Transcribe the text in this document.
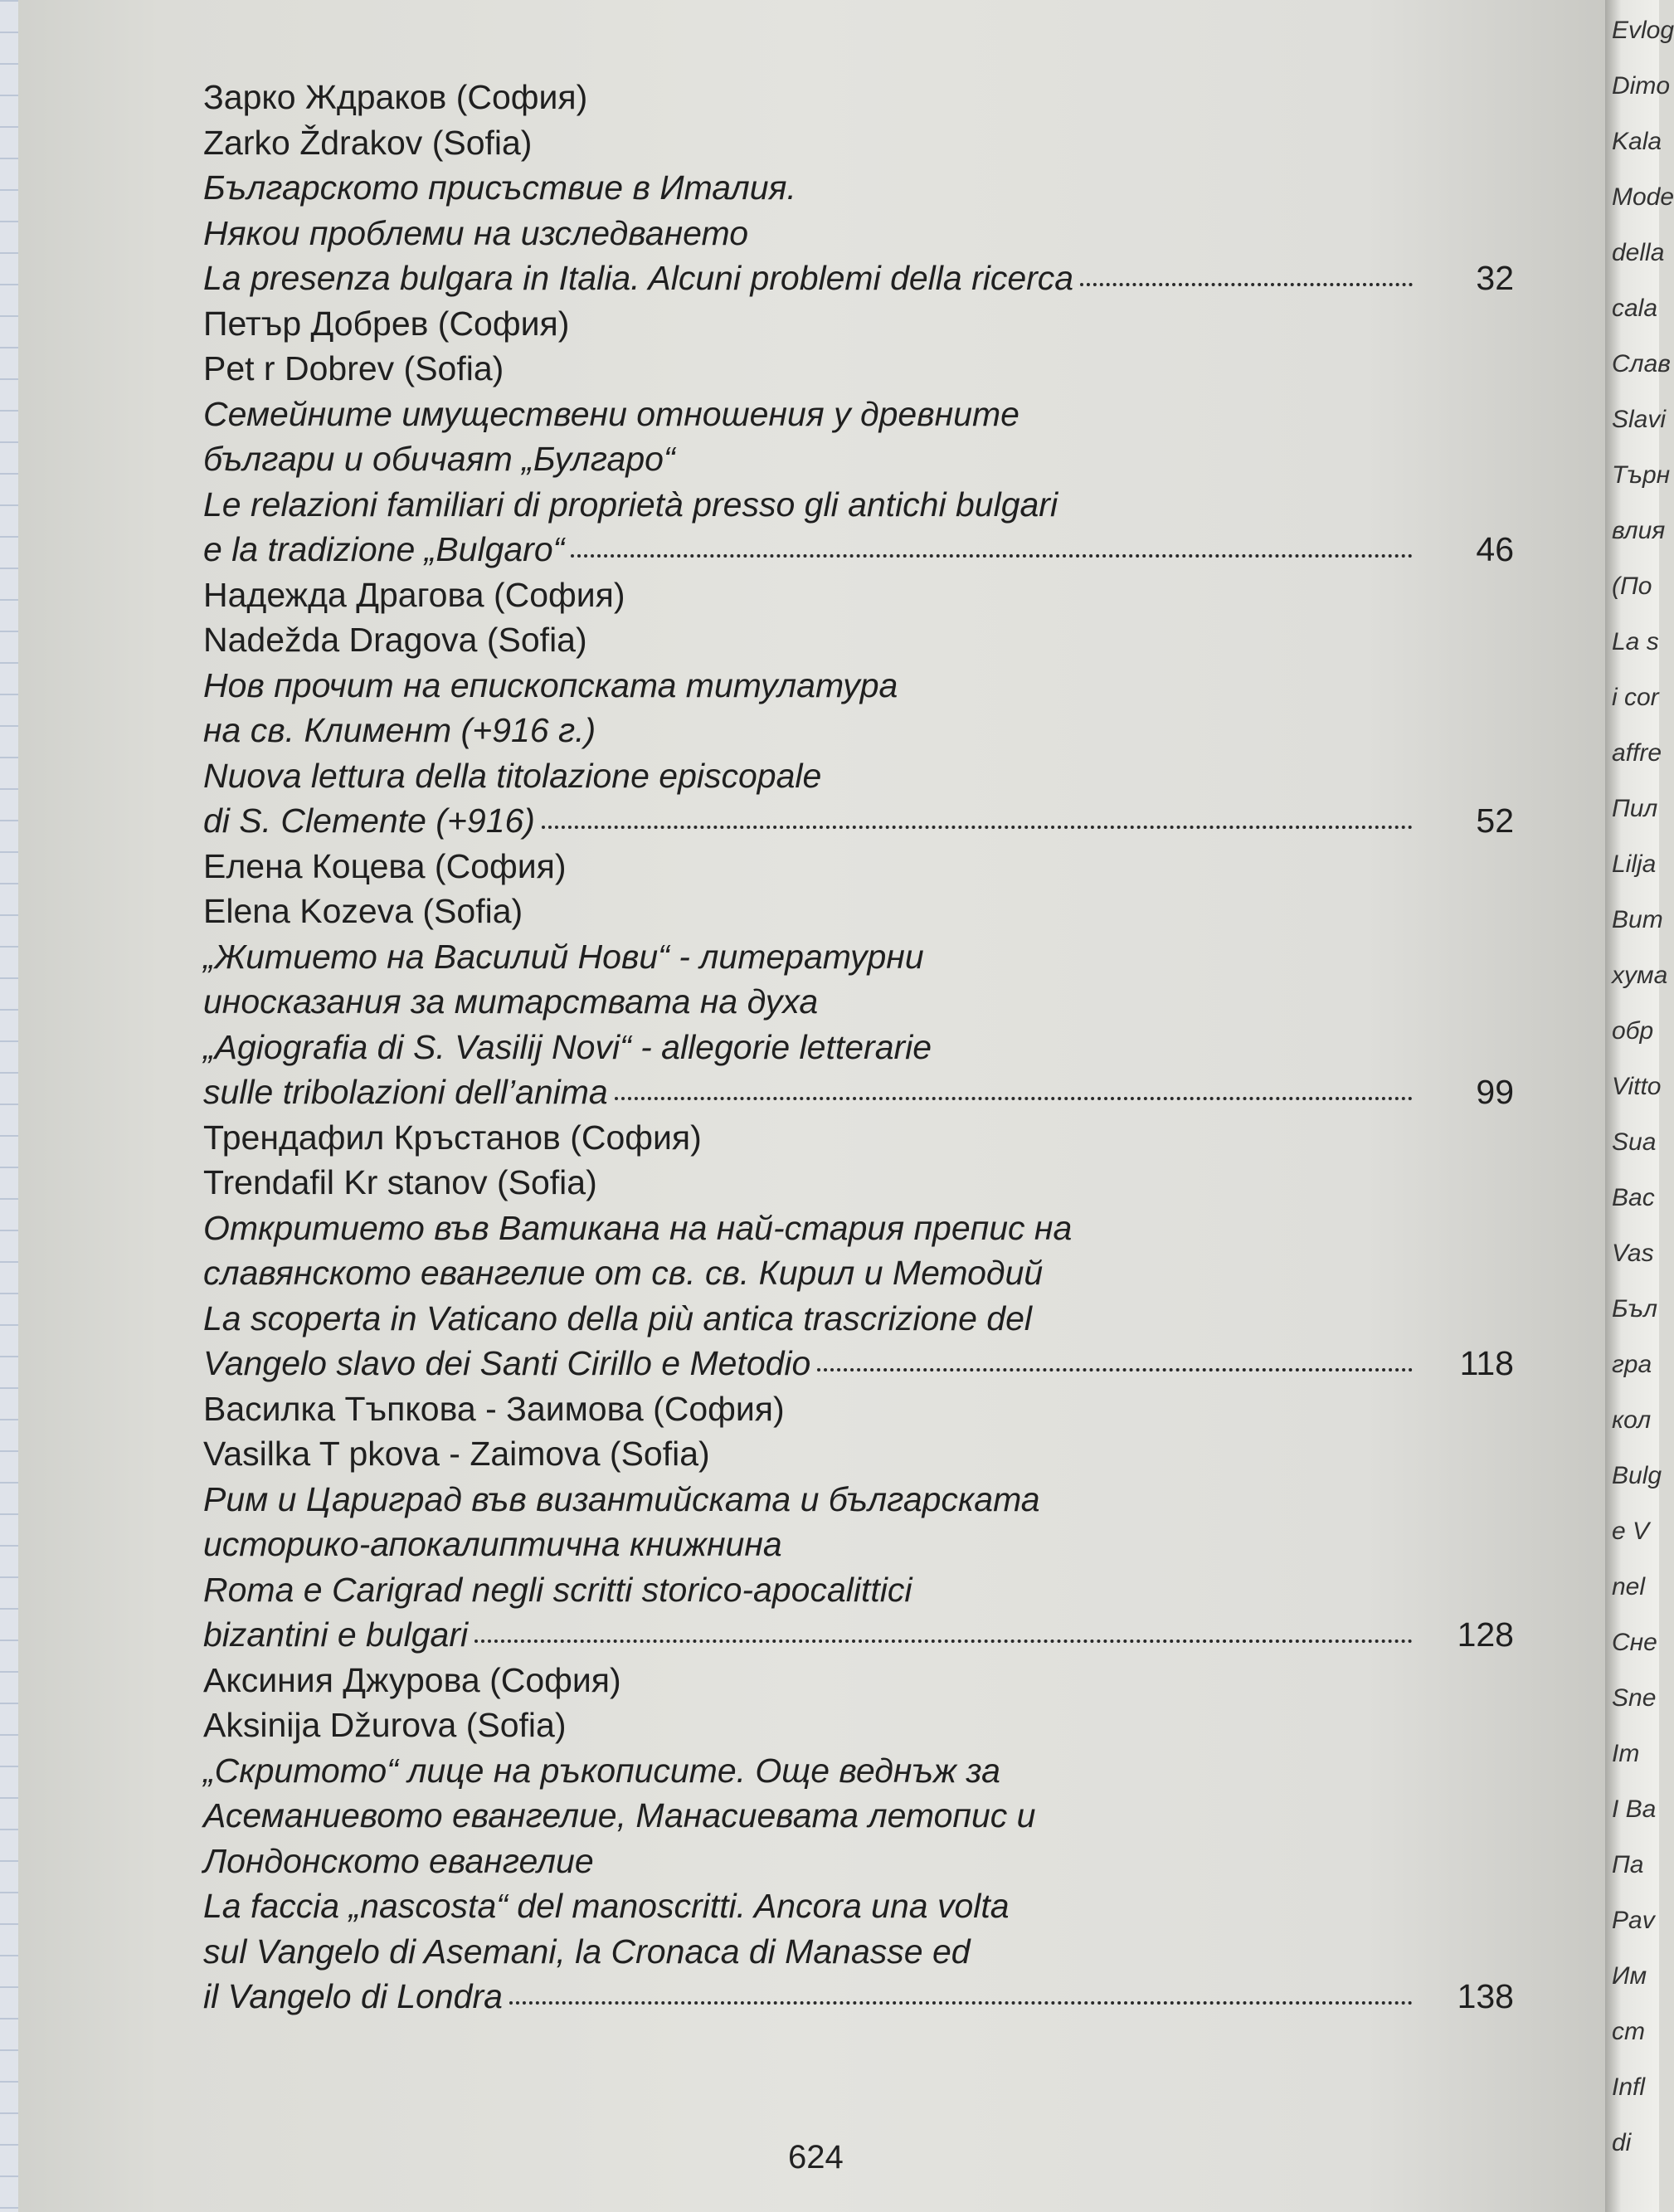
Зарко Ждраков (София)
Zarko Ždrakov (Sofia)
Българското присъствие в Италия.
Някои проблеми на изследването
La presenza bulgara in Italia. Alcuni problemi della ricerca	32
Петър Добрев (София)
Pet r Dobrev (Sofia)
Семейните имуществени отношения у древните
българи и обичаят „Булгаро“
Le relazioni familiari di proprietà presso gli antichi bulgari
e la tradizione „Bulgaro“	46
Надежда Драгова (София)
Nadežda Dragova (Sofia)
Нов прочит на епископската титулатура
на св. Климент (+916 г.)
Nuova lettura della titolazione episcopale
di S. Clemente (+916)	52
Елена Коцева (София)
Elena Kozeva (Sofia)
„Житието на Василий Нови“ - литературни
иносказания за митарствата на духа
„Agiografia di S. Vasilij Novi“ - allegorie letterarie
sulle tribolazioni dell’anima	99
Трендафил Кръстанов (София)
Trendafil Kr stanov (Sofia)
Откритието във Ватикана на най-стария препис на
славянското евангелие от св. св. Кирил и Методий
La scoperta in Vaticano della più antica trascrizione del
Vangelo slavo dei Santi Cirillo e Metodio	118
Василка Тъпкова - Заимова (София)
Vasilka T pkova - Zaimova (Sofia)
Рим и Цариград във византийската и българската
историко-апокалиптична книжнина
Roma e Carigrad negli scritti storico-apocalittici
bizantini e bulgari	128
Аксиния Джурова (София)
Aksinija Džurova (Sofia)
„Скритото“ лице на ръкописите. Още веднъж за
Асеманиевото евангелие, Манасиевата летопис и
Лондонското евангелие
La faccia „nascosta“ del manoscritti. Ancora una volta
sul Vangelo di Asemani, la Cronaca di Manasse ed
il Vangelo di Londra	138
624
Evlog
Dimo
Kala
Mode
della
cala
Слав
Slavi
Търн
влия
(По
La s
i cor
affre
Пил
Lilja
Bum
хума
обр
Vitto
Sua
Вас
Vas
Бъл
гра
кол
Bulg
e V
nel
Сне
Sne
Im
I Ba
Па
Pav
Им
cm
Infl
di
